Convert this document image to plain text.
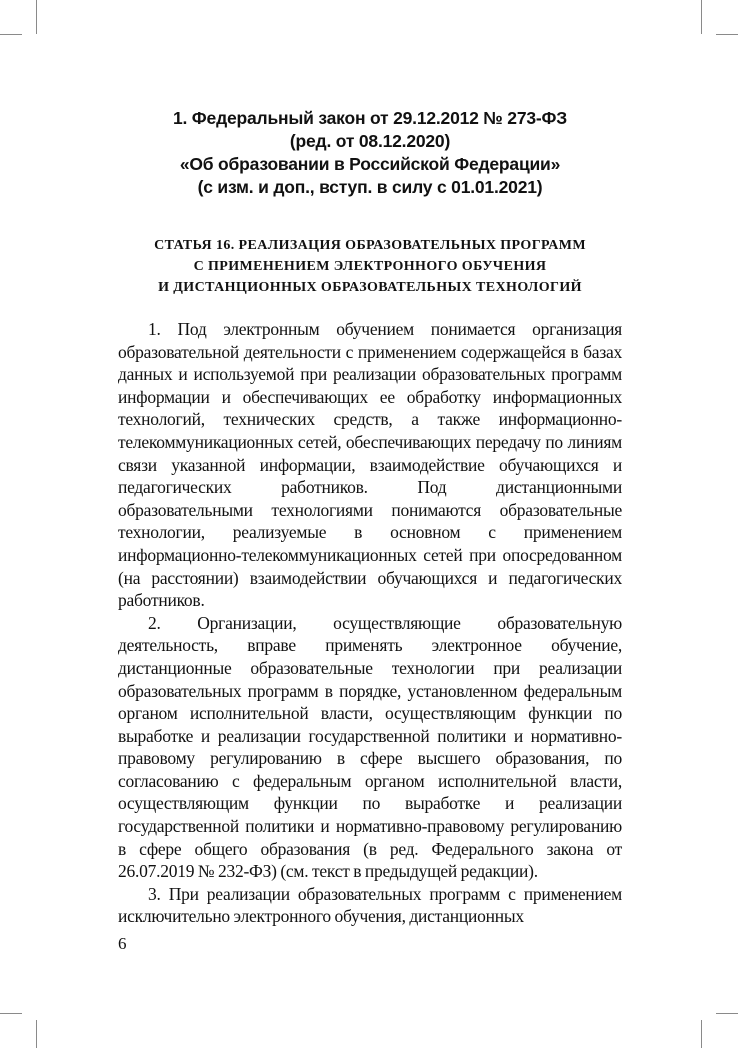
1. Федеральный закон от 29.12.2012 № 273-ФЗ
(ред. от 08.12.2020)
«Об образовании в Российской Федерации»
(с изм. и доп., вступ. в силу с 01.01.2021)
СТАТЬЯ 16. РЕАЛИЗАЦИЯ ОБРАЗОВАТЕЛЬНЫХ ПРОГРАММ
С ПРИМЕНЕНИЕМ ЭЛЕКТРОННОГО ОБУЧЕНИЯ
И ДИСТАНЦИОННЫХ ОБРАЗОВАТЕЛЬНЫХ ТЕХНОЛОГИЙ

1. Под электронным обучением понимается организация образовательной деятельности с применением содержащейся в базах данных и используемой при реализации образовательных программ информации и обеспечивающих ее обработку информационных технологий, технических средств, а также информационно-телекоммуникационных сетей, обеспечивающих передачу по линиям связи указанной информации, взаимодействие обучающихся и педагогических работников. Под дистанционными образовательными технологиями понимаются образовательные технологии, реализуемые в основном с применением информационно-телекоммуникационных сетей при опосредованном (на расстоянии) взаимодействии обучающихся и педагогических работников.

2. Организации, осуществляющие образовательную деятельность, вправе применять электронное обучение, дистанционные образовательные технологии при реализации образовательных программ в порядке, установленном федеральным органом исполнительной власти, осуществляющим функции по выработке и реализации государственной политики и нормативно-правовому регулированию в сфере высшего образования, по согласованию с федеральным органом исполнительной власти, осуществляющим функции по выработке и реализации государственной политики и нормативно-правовому регулированию в сфере общего образования (в ред. Федерального закона от 26.07.2019 № 232-ФЗ) (см. текст в предыдущей редакции).

3. При реализации образовательных программ с применением исключительно электронного обучения, дистанционных

6
